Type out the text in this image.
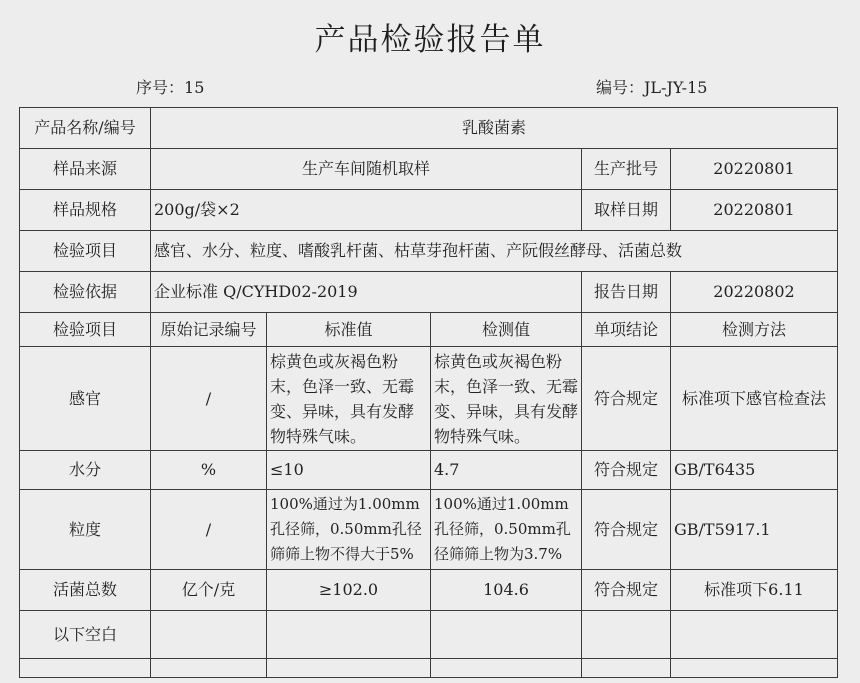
产品检验报告单
序号：15	编号：JL-JY-15
产品名称/编号	乳酸菌素				
样品来源	生产车间随机取样			生产批号	20220801
样品规格	200g/袋×2			取样日期	20220801
检验项目	感官、水分、粒度、嗜酸乳杆菌、枯草芽孢杆菌、产阮假丝酵母、活菌总数				
检验依据	企业标准 Q/CYHD02-2019			报告日期	20220802
检验项目	原始记录编号	标准值	检测值	单项结论	检测方法
感官	/	棕黄色或灰褐色粉末，色泽一致、无霉变、异味，具有发酵物特殊气味。	棕黄色或灰褐色粉末，色泽一致、无霉变、异味，具有发酵物特殊气味。	符合规定	标准项下感官检查法
水分	%	≤10	4.7	符合规定	GB/T6435
粒度	/	100%通过为1.00mm孔径筛，0.50mm孔径筛筛上物不得大于5%	100%通过1.00mm孔径筛，0.50mm孔径筛筛上物为3.7%	符合规定	GB/T5917.1
活菌总数	亿个/克	≥102.0	104.6	符合规定	标准项下6.11
以下空白					
